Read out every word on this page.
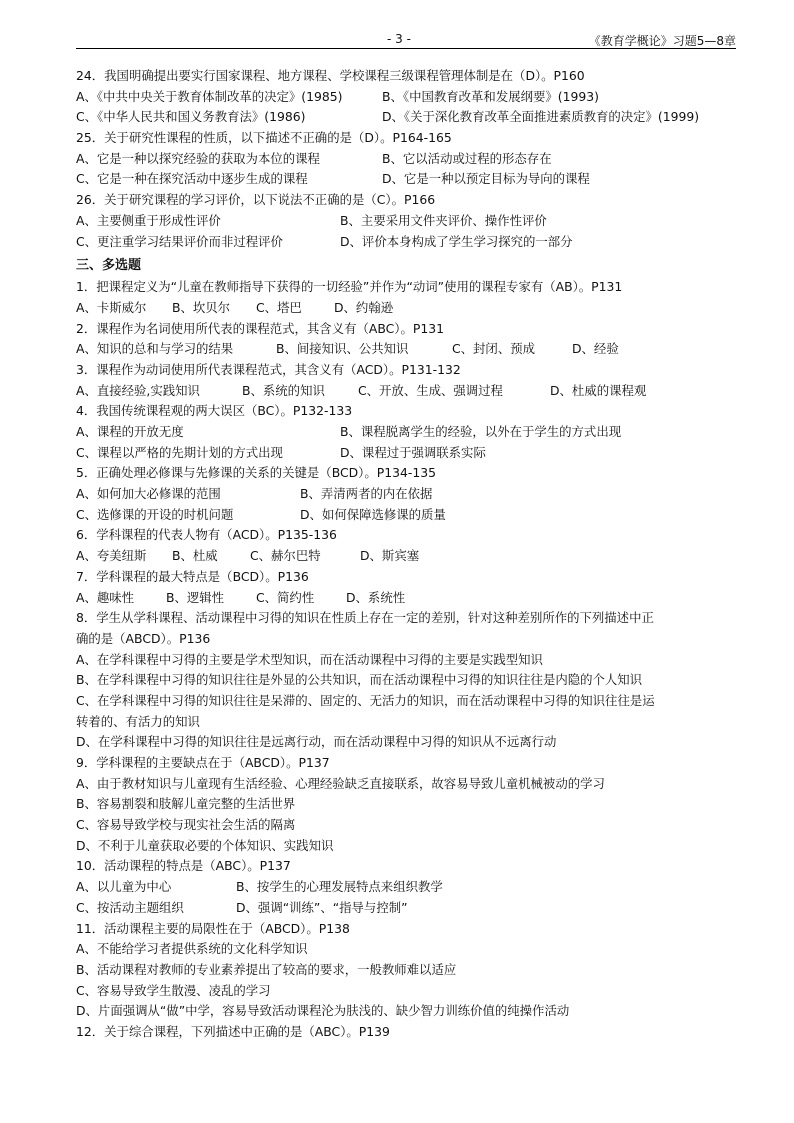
- 3 -	《教育学概论》习题5—8章
24．我国明确提出要实行国家课程、地方课程、学校课程三级课程管理体制是在（D）。P160
A、《中共中央关于教育体制改革的决定》(1985)	B、《中国教育改革和发展纲要》(1993)
C、《中华人民共和国义务教育法》(1986)	D、《关于深化教育改革全面推进素质教育的决定》(1999)
25．关于研究性课程的性质，以下描述不正确的是（D）。P164-165
A、它是一种以探究经验的获取为本位的课程	B、它以活动或过程的形态存在
C、它是一种在探究活动中逐步生成的课程	D、它是一种以预定目标为导向的课程
26．关于研究课程的学习评价，以下说法不正确的是（C）。P166
A、主要侧重于形成性评价	B、主要采用文件夹评价、操作性评价
C、更注重学习结果评价而非过程评价	D、评价本身构成了学生学习探究的一部分
三、多选题
1．把课程定义为“儿童在教师指导下获得的一切经验”并作为“动词”使用的课程专家有（AB）。P131
A、卡斯威尔 B、坎贝尔 C、塔巴	D、约翰逊
2．课程作为名词使用所代表的课程范式，其含义有（ABC）。P131
A、知识的总和与学习的结果	B、间接知识、公共知识	C、封闭、预成	D、经验
3．课程作为动词使用所代表课程范式，其含义有（ACD）。P131-132
A、直接经验,实践知识	B、系统的知识	C、开放、生成、强调过程	D、杜威的课程观
4．我国传统课程观的两大误区（BC）。P132-133
A、课程的开放无度	B、课程脱离学生的经验，以外在于学生的方式出现
C、课程以严格的先期计划的方式出现	D、课程过于强调联系实际
5．正确处理必修课与先修课的关系的关键是（BCD）。P134-135
A、如何加大必修课的范围	B、弄清两者的内在依据
C、选修课的开设的时机问题	D、如何保障选修课的质量
6．学科课程的代表人物有（ACD）。P135-136
A、夸美纽斯 B、杜威	C、赫尔巴特	D、斯宾塞
7．学科课程的最大特点是（BCD）。P136
A、趣味性	B、逻辑性	C、简约性	D、系统性
8．学生从学科课程、活动课程中习得的知识在性质上存在一定的差别，针对这种差别所作的下列描述中正
确的是（ABCD）。P136
A、在学科课程中习得的主要是学术型知识，而在活动课程中习得的主要是实践型知识
B、在学科课程中习得的知识往往是外显的公共知识，而在活动课程中习得的知识往往是内隐的个人知识
C、在学科课程中习得的知识往往是呆滞的、固定的、无活力的知识，而在活动课程中习得的知识往往是运
转着的、有活力的知识
D、在学科课程中习得的知识往往是远离行动，而在活动课程中习得的知识从不远离行动
9．学科课程的主要缺点在于（ABCD）。P137
A、由于教材知识与儿童现有生活经验、心理经验缺乏直接联系，故容易导致儿童机械被动的学习
B、容易割裂和肢解儿童完整的生活世界
C、容易导致学校与现实社会生活的隔离
D、不利于儿童获取必要的个体知识、实践知识
10．活动课程的特点是（ABC）。P137
A、以儿童为中心	B、按学生的心理发展特点来组织教学
C、按活动主题组织	D、强调“训练”、“指导与控制”
11．活动课程主要的局限性在于（ABCD）。P138
A、不能给学习者提供系统的文化科学知识
B、活动课程对教师的专业素养提出了较高的要求，一般教师难以适应
C、容易导致学生散漫、凌乱的学习
D、片面强调从“做”中学，容易导致活动课程沦为肤浅的、缺少智力训练价值的纯操作活动
12．关于综合课程，下列描述中正确的是（ABC）。P139
